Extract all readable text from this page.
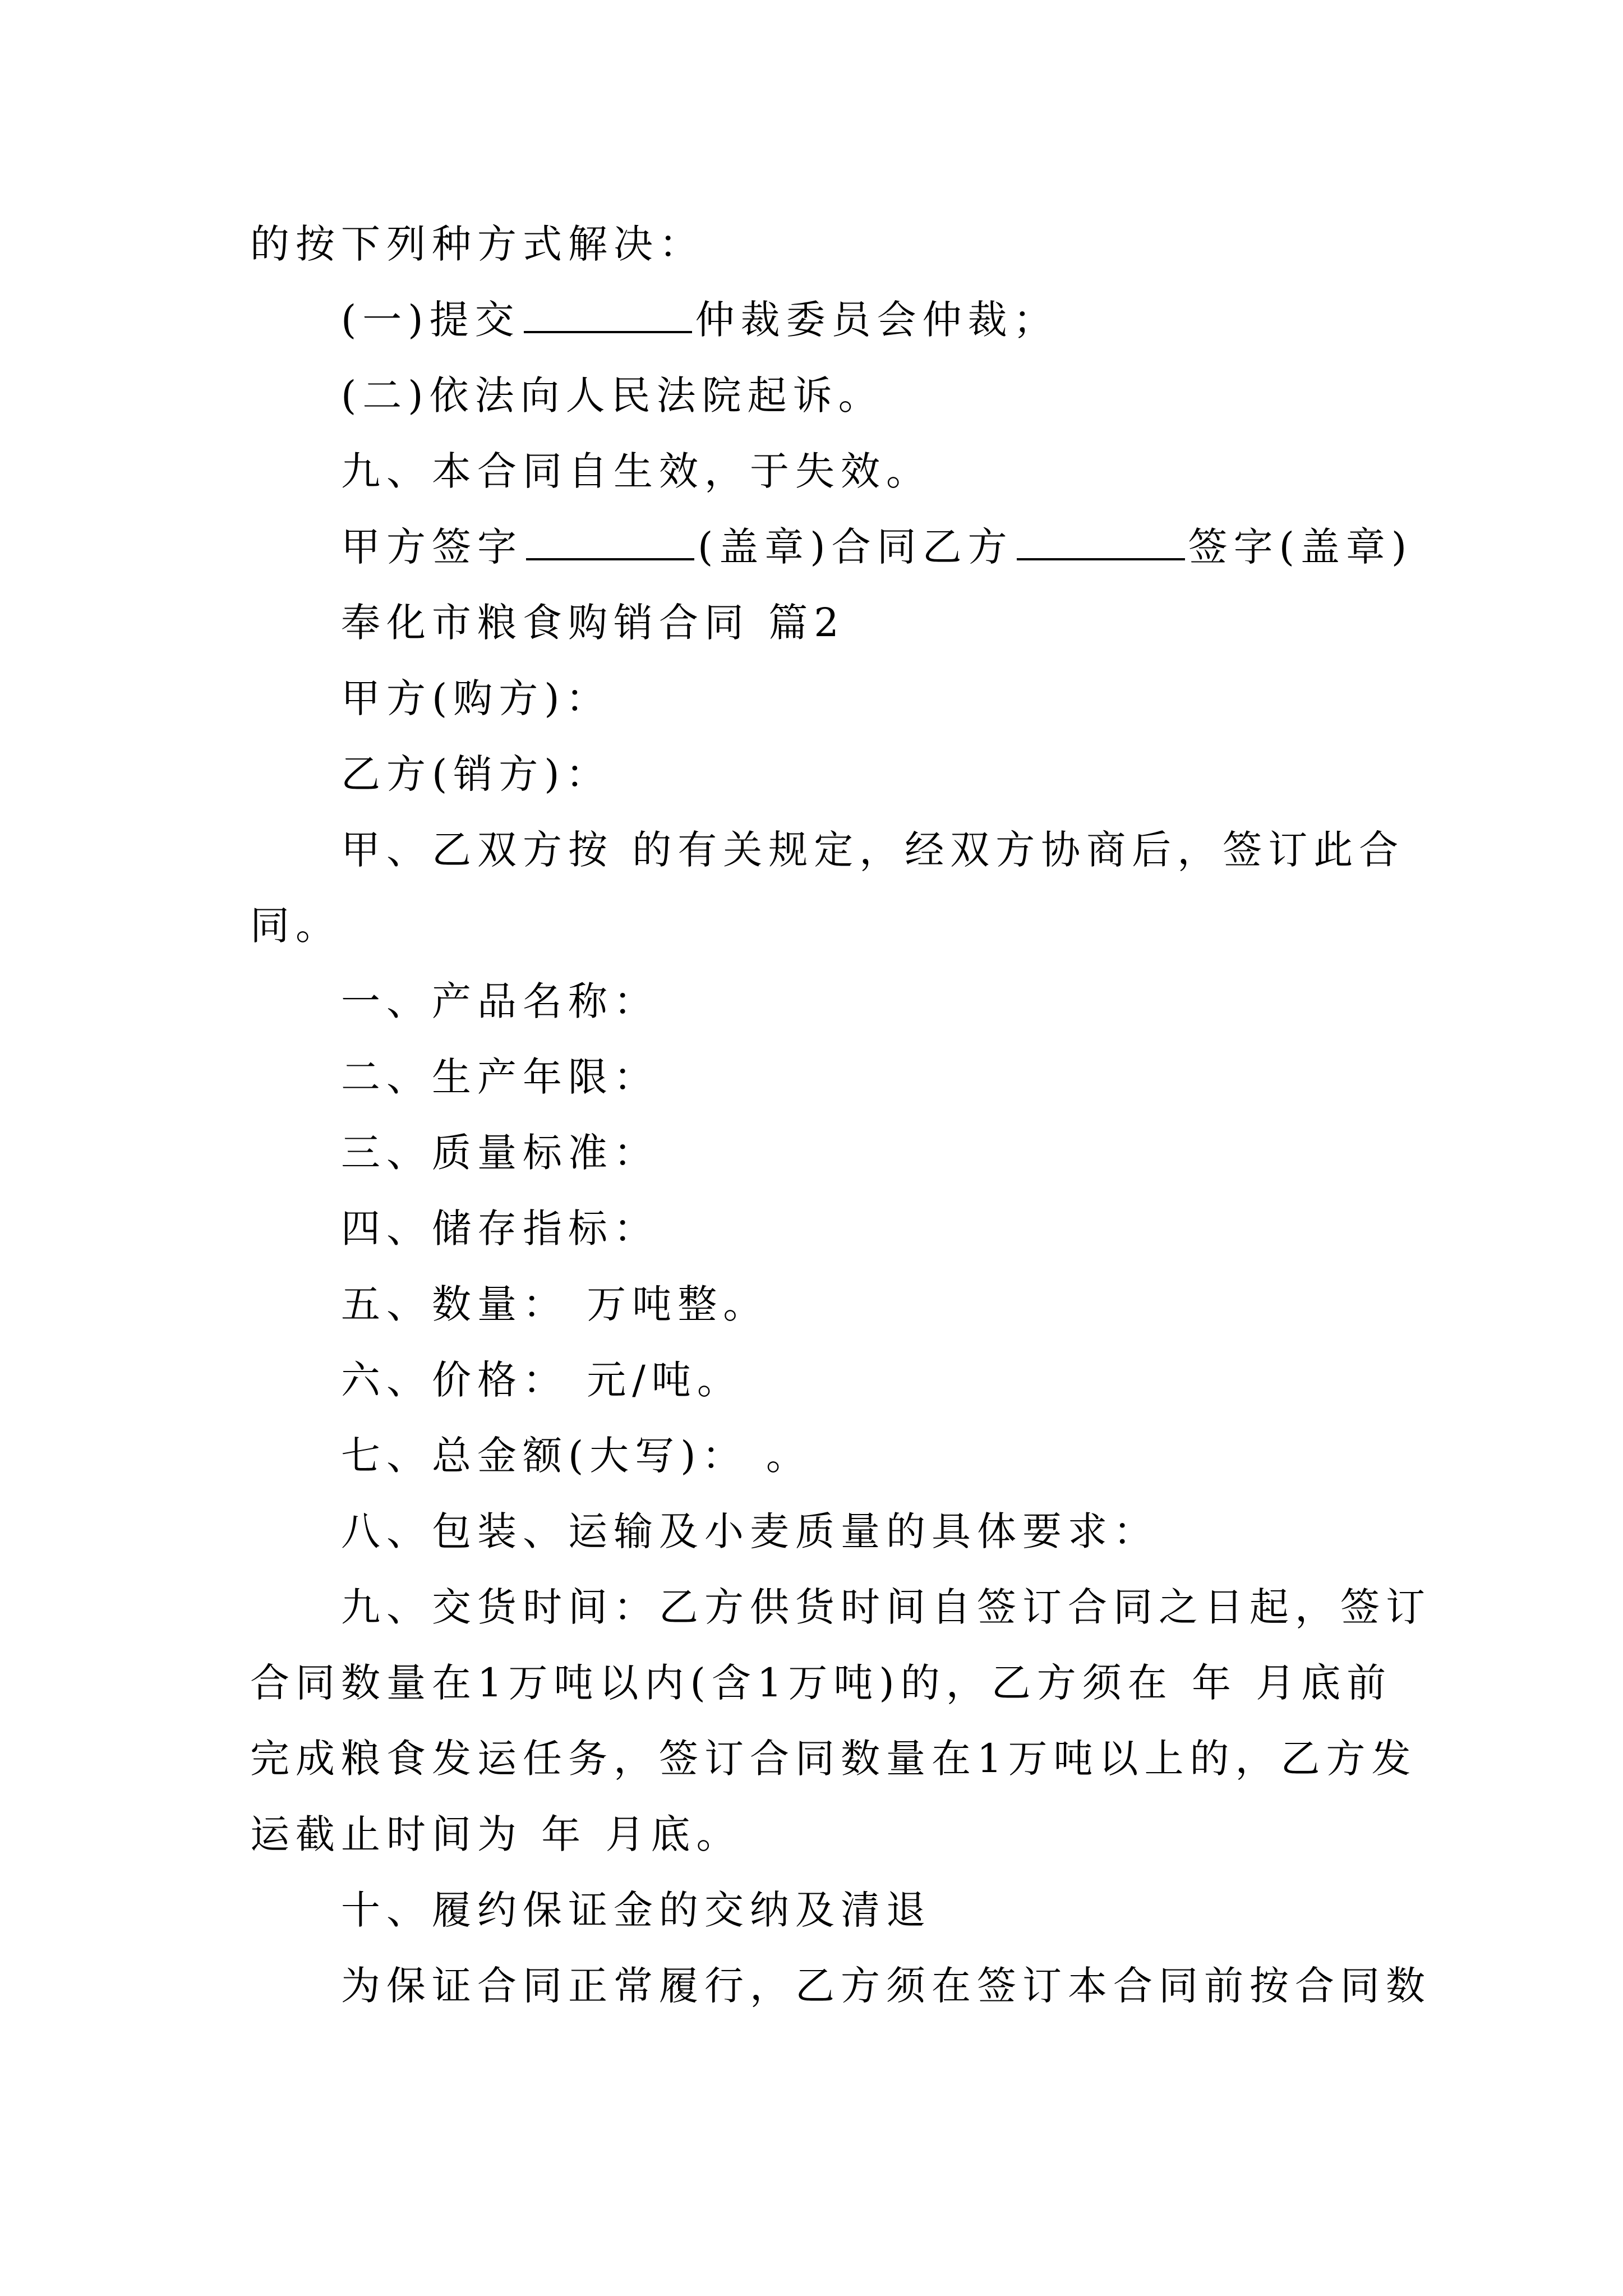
的按下列种方式解决：
(一)提交	仲裁委员会仲裁；
(二)依法向人民法院起诉。
九、本合同自生效，于失效。
甲方签字	(盖章)合同乙方	签字(盖章)
奉化市粮食购销合同 篇2
甲方(购方)：
乙方(销方)：
甲、乙双方按 的有关规定，经双方协商后，签订此合
同。
一、产品名称：
二、生产年限：
三、质量标准：
四、储存指标：
五、数量： 万吨整。
六、价格： 元/吨。
七、总金额(大写)： 。
八、包装、运输及小麦质量的具体要求：
九、交货时间：乙方供货时间自签订合同之日起，签订
合同数量在1万吨以内(含1万吨)的，乙方须在 年 月底前
完成粮食发运任务，签订合同数量在1万吨以上的，乙方发
运截止时间为 年 月底。
十、履约保证金的交纳及清退
为保证合同正常履行，乙方须在签订本合同前按合同数
